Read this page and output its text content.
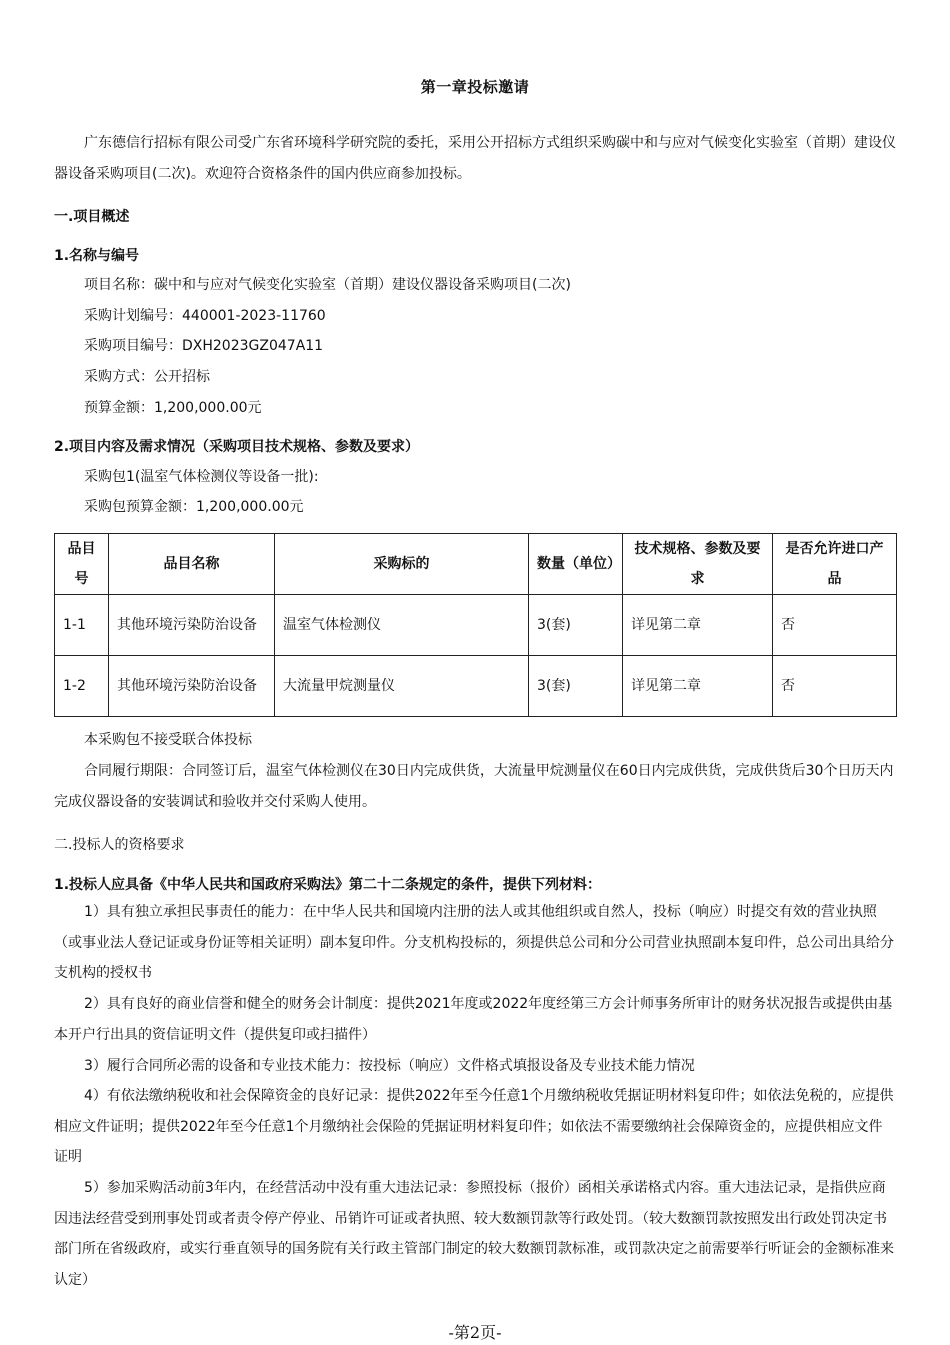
第一章投标邀请

广东德信行招标有限公司受广东省环境科学研究院的委托，采用公开招标方式组织采购碳中和与应对气候变化实验室（首期）建设仪器设备采购项目(二次)。欢迎符合资格条件的国内供应商参加投标。

一.项目概述
1.名称与编号
项目名称：碳中和与应对气候变化实验室（首期）建设仪器设备采购项目(二次)
采购计划编号：440001-2023-11760
采购项目编号：DXH2023GZ047A11
采购方式：公开招标
预算金额：1,200,000.00元
2.项目内容及需求情况（采购项目技术规格、参数及要求）
采购包1(温室气体检测仪等设备一批):
采购包预算金额：1,200,000.00元
品目号	品目名称	采购标的	数量（单位）	技术规格、参数及要求	是否允许进口产品
1-1	其他环境污染防治设备	温室气体检测仪	3(套)	详见第二章	否
1-2	其他环境污染防治设备	大流量甲烷测量仪	3(套)	详见第二章	否
本采购包不接受联合体投标

合同履行期限：合同签订后，温室气体检测仪在30日内完成供货，大流量甲烷测量仪在60日内完成供货，完成供货后30个日历天内完成仪器设备的安装调试和验收并交付采购人使用。

二.投标人的资格要求
1.投标人应具备《中华人民共和国政府采购法》第二十二条规定的条件，提供下列材料：

1）具有独立承担民事责任的能力：在中华人民共和国境内注册的法人或其他组织或自然人，投标（响应）时提交有效的营业执照（或事业法人登记证或身份证等相关证明）副本复印件。分支机构投标的，须提供总公司和分公司营业执照副本复印件，总公司出具给分支机构的授权书

2）具有良好的商业信誉和健全的财务会计制度：提供2021年度或2022年度经第三方会计师事务所审计的财务状况报告或提供由基本开户行出具的资信证明文件（提供复印或扫描件）

3）履行合同所必需的设备和专业技术能力：按投标（响应）文件格式填报设备及专业技术能力情况

4）有依法缴纳税收和社会保障资金的良好记录：提供2022年至今任意1个月缴纳税收凭据证明材料复印件；如依法免税的，应提供相应文件证明；提供2022年至今任意1个月缴纳社会保险的凭据证明材料复印件；如依法不需要缴纳社会保障资金的，应提供相应文件证明

5）参加采购活动前3年内，在经营活动中没有重大违法记录：参照投标（报价）函相关承诺格式内容。重大违法记录，是指供应商因违法经营受到刑事处罚或者责令停产停业、吊销许可证或者执照、较大数额罚款等行政处罚。（较大数额罚款按照发出行政处罚决定书部门所在省级政府，或实行垂直领导的国务院有关行政主管部门制定的较大数额罚款标准，或罚款决定之前需要举行听证会的金额标准来认定）

-第2页-
